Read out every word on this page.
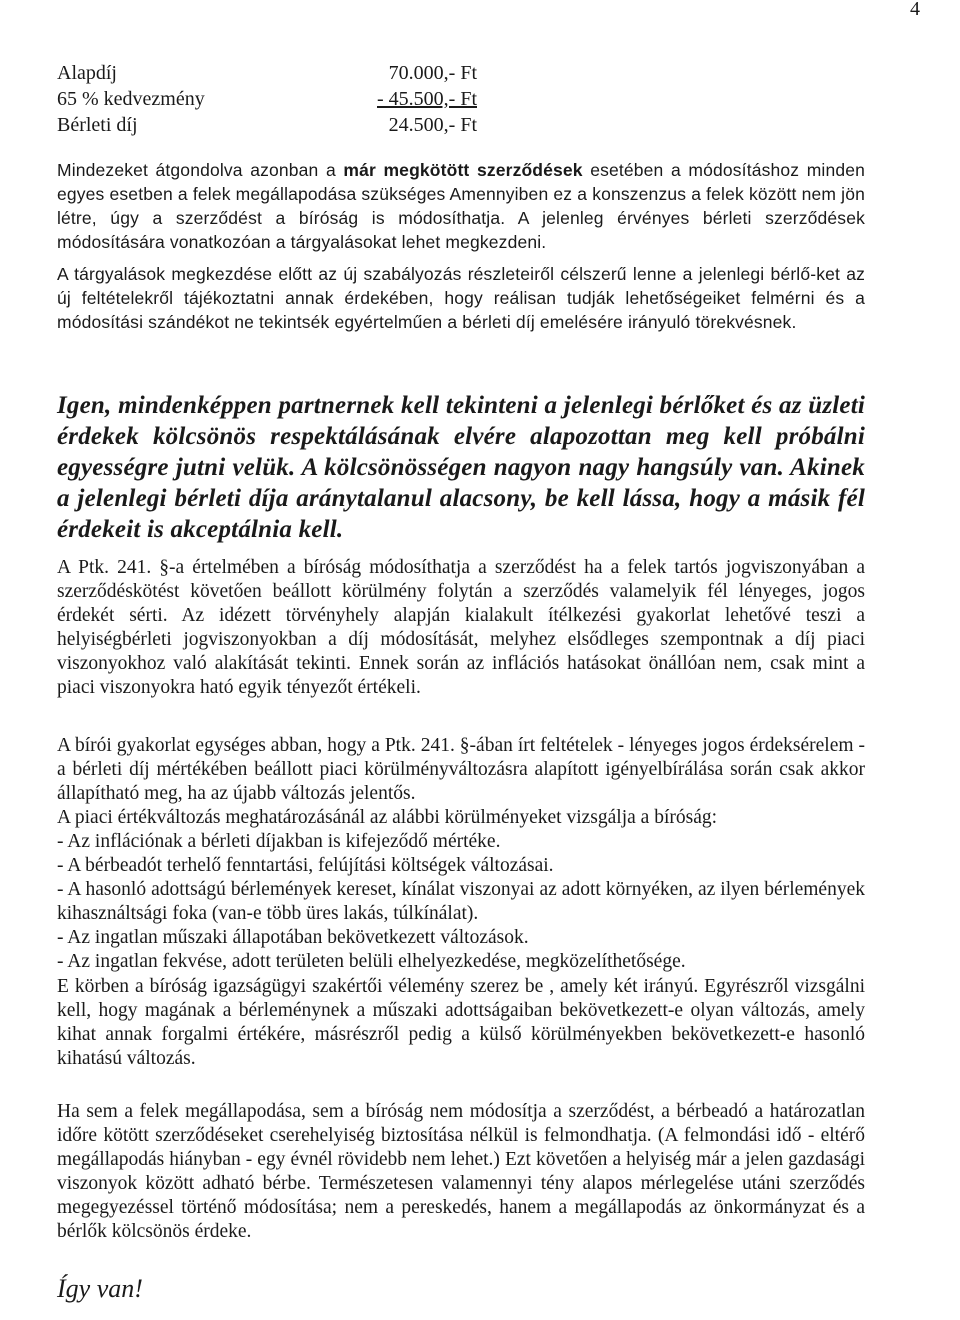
4
Alapdíj	70.000,- Ft
65 % kedvezmény	- 45.500,- Ft
Bérleti díj	24.500,- Ft

Mindezeket átgondolva azonban a már megkötött szerződések esetében a módosításhoz minden egyes esetben a felek megállapodása szükséges Amennyiben ez a konszenzus a felek között nem jön létre, úgy a szerződést a bíróság is módosíthatja. A jelenleg érvényes bérleti szerződések módosítására vonatkozóan a tárgyalásokat lehet megkezdeni.

A tárgyalások megkezdése előtt az új szabályozás részleteiről célszerű lenne a jelenlegi bérlő-ket az új feltételekről tájékoztatni annak érdekében, hogy reálisan tudják lehetőségeiket felmérni és a módosítási szándékot ne tekintsék egyértelműen a bérleti díj emelésére irányuló törekvésnek.

Igen, mindenképpen partnernek kell tekinteni a jelenlegi bérlőket és az üzleti érdekek kölcsönös respektálásának elvére alapozottan meg kell próbálni egyességre jutni velük. A kölcsönösségen nagyon nagy hangsúly van. Akinek a jelenlegi bérleti díja aránytalanul alacsony, be kell lássa, hogy a másik fél érdekeit is akceptálnia kell.

A Ptk. 241. §-a értelmében a bíróság módosíthatja a szerződést ha a felek tartós jogviszonyában a szerződéskötést követően beállott körülmény folytán a szerződés valamelyik fél lényeges, jogos érdekét sérti. Az idézett törvényhely alapján kialakult ítélkezési gyakorlat lehetővé teszi a helyiségbérleti jogviszonyokban a díj módosítását, melyhez elsődleges szempontnak a díj piaci viszonyokhoz való alakítását tekinti. Ennek során az inflációs hatásokat önállóan nem, csak mint a piaci viszonyokra ható egyik tényezőt értékeli.

A bírói gyakorlat egységes abban, hogy a Ptk. 241. §-ában írt feltételek - lényeges jogos érdeksérelem - a bérleti díj mértékében beállott piaci körülményváltozásra alapított igényelbírálása során csak akkor állapítható meg, ha az újabb változás jelentős.

A piaci értékváltozás meghatározásánál az alábbi körülményeket vizsgálja a bíróság:

- Az inflációnak a bérleti díjakban is kifejeződő mértéke.
- A bérbeadót terhelő fenntartási, felújítási költségek változásai.
- A hasonló adottságú bérlemények kereset, kínálat viszonyai az adott környéken, az ilyen bérlemények kihasználtsági foka (van-e több üres lakás, túlkínálat).
- Az ingatlan műszaki állapotában bekövetkezett változások.
- Az ingatlan fekvése, adott területen belüli elhelyezkedése, megközelíthetősége.

E körben a bíróság igazságügyi szakértői vélemény szerez be , amely két irányú. Egyrészről vizsgálni kell, hogy magának a bérleménynek a műszaki adottságaiban bekövetkezett-e olyan változás, amely kihat annak forgalmi értékére, másrészről pedig a külső körülményekben bekövetkezett-e hasonló kihatású változás.

Ha sem a felek megállapodása, sem a bíróság nem módosítja a szerződést, a bérbeadó a határozatlan időre kötött szerződéseket cserehelyiség biztosítása nélkül is felmondhatja. (A felmondási idő - eltérő megállapodás hiányban - egy évnél rövidebb nem lehet.) Ezt követően a helyiség már a jelen gazdasági viszonyok között adható bérbe. Természetesen valamennyi tény alapos mérlegelése utáni szerződés megegyezéssel történő módosítása; nem a pereskedés, hanem a megállapodás az önkormányzat és a bérlők kölcsönös érdeke.

Így van!
